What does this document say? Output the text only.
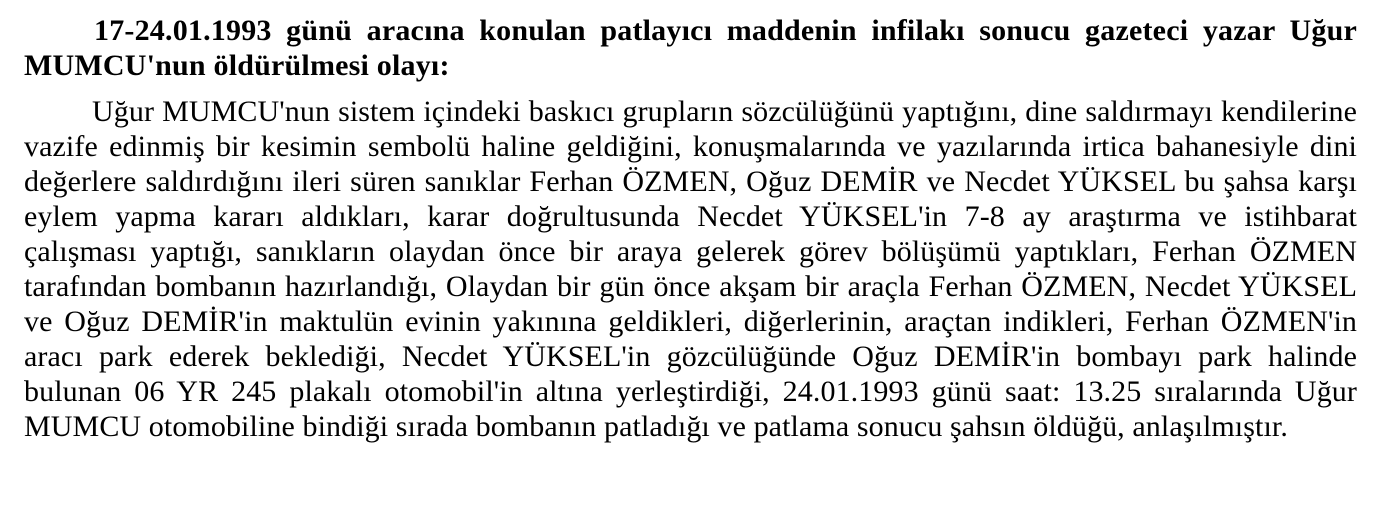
17-24.01.1993 günü aracına konulan patlayıcı maddenin infilakı sonucu gazeteci yazar Uğur MUMCU'nun öldürülmesi olayı:

Uğur MUMCU'nun sistem içindeki baskıcı grupların sözcülüğünü yaptığını, dine saldırmayı kendilerine vazife edinmiş bir kesimin sembolü haline geldiğini, konuşmalarında ve yazılarında irtica bahanesiyle dini değerlere saldırdığını ileri süren sanıklar Ferhan ÖZMEN, Oğuz DEMİR ve Necdet YÜKSEL bu şahsa karşı eylem yapma kararı aldıkları, karar doğrultusunda Necdet YÜKSEL'in 7-8 ay araştırma ve istihbarat çalışması yaptığı, sanıkların olaydan önce bir araya gelerek görev bölüşümü yaptıkları, Ferhan ÖZMEN tarafından bombanın hazırlandığı, Olaydan bir gün önce akşam bir araçla Ferhan ÖZMEN, Necdet YÜKSEL ve Oğuz DEMİR'in maktulün evinin yakınına geldikleri, diğerlerinin, araçtan indikleri, Ferhan ÖZMEN'in aracı park ederek beklediği, Necdet YÜKSEL'in gözcülüğünde Oğuz DEMİR'in bombayı park halinde bulunan 06 YR 245 plakalı otomobil'in altına yerleştirdiği, 24.01.1993 günü saat: 13.25 sıralarında Uğur MUMCU otomobiline bindiği sırada bombanın patladığı ve patlama sonucu şahsın öldüğü, anlaşılmıştır.
